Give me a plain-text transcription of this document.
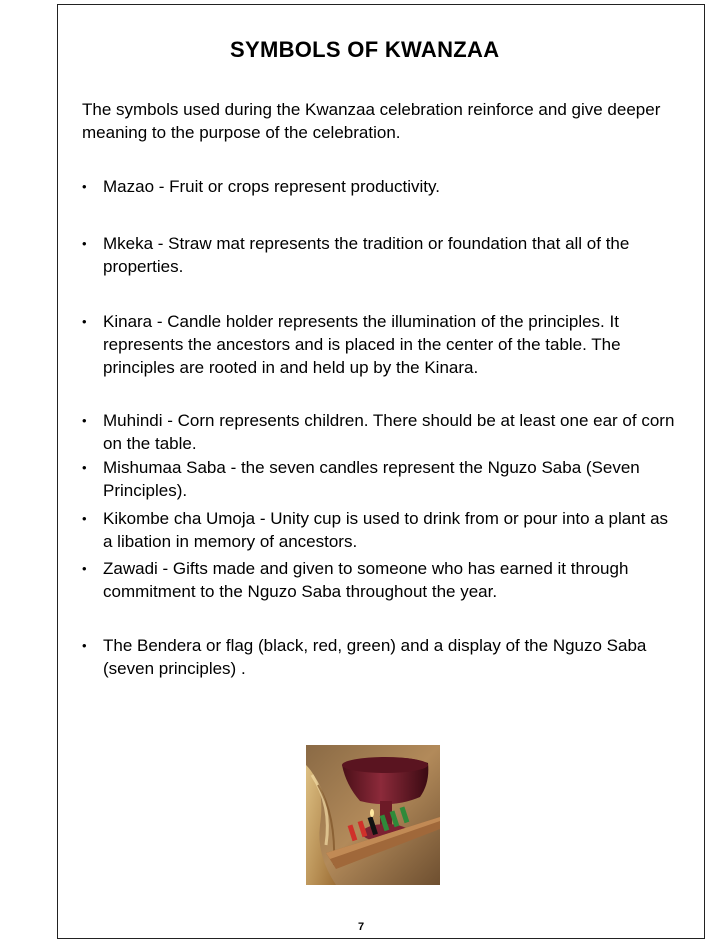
SYMBOLS OF KWANZAA
The symbols used during the Kwanzaa celebration reinforce and give deeper meaning to the purpose of the celebration.
• Mazao - Fruit or crops represent productivity.
• Mkeka - Straw mat represents the tradition or foundation that all of the properties.
• Kinara - Candle holder represents the illumination of the principles. It represents the ancestors and is placed in the center of the table. The principles are rooted in and held up by the Kinara.
• Muhindi - Corn represents children. There should be at least one ear of corn on the table.
• Mishumaa Saba - the seven candles represent the Nguzo Saba (Seven Principles).
• Kikombe cha Umoja - Unity cup is used to drink from or pour into a plant as a libation in memory of ancestors.
• Zawadi - Gifts made and given to someone who has earned it through commitment to the Nguzo Saba throughout the year.
• The Bendera or flag (black, red, green) and a display of the Nguzo Saba (seven principles) .
7
